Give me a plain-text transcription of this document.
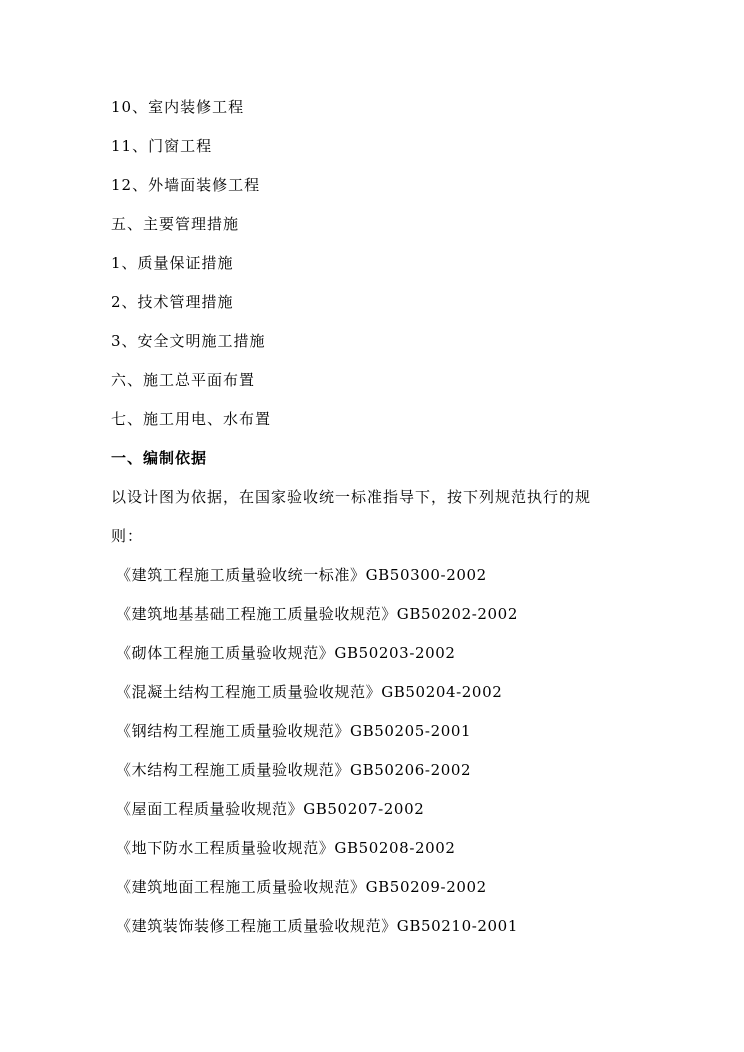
10、室内装修工程
11、门窗工程
12、外墙面装修工程
五、主要管理措施
1、质量保证措施
2、技术管理措施
3、安全文明施工措施
六、施工总平面布置
七、施工用电、水布置
一、编制依据
以设计图为依据，在国家验收统一标准指导下，按下列规范执行的规
则：
《建筑工程施工质量验收统一标准》GB50300-2002
《建筑地基基础工程施工质量验收规范》GB50202-2002
《砌体工程施工质量验收规范》GB50203-2002
《混凝土结构工程施工质量验收规范》GB50204-2002
《钢结构工程施工质量验收规范》GB50205-2001
《木结构工程施工质量验收规范》GB50206-2002
《屋面工程质量验收规范》GB50207-2002
《地下防水工程质量验收规范》GB50208-2002
《建筑地面工程施工质量验收规范》GB50209-2002
《建筑装饰装修工程施工质量验收规范》GB50210-2001
